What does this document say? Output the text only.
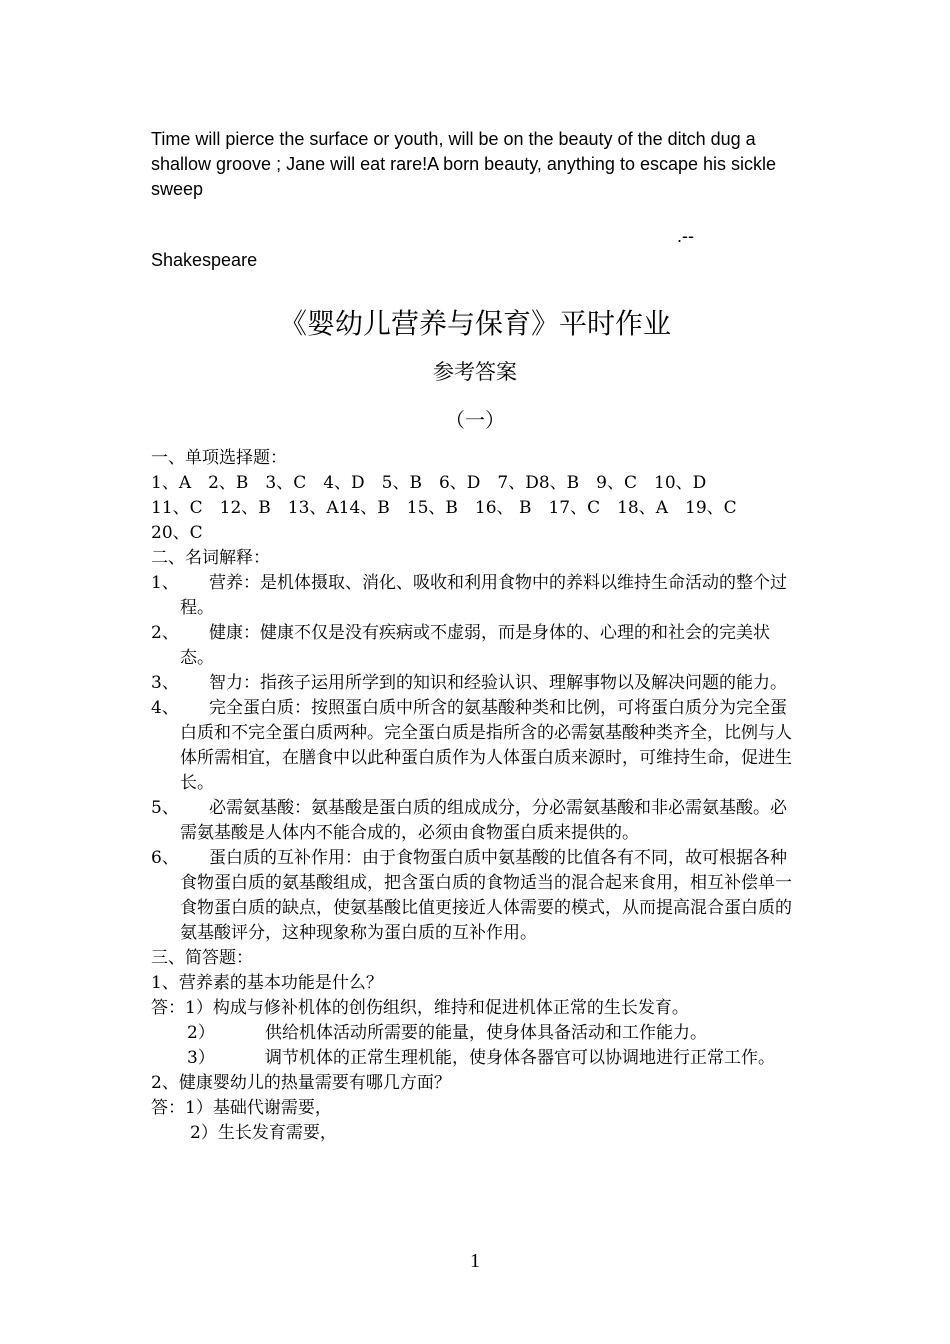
Time will pierce the surface or youth, will be on the beauty of the ditch dug a shallow groove ; Jane will eat rare!A born beauty, anything to escape his sickle sweep
.--
Shakespeare
《婴幼儿营养与保育》平时作业
参考答案
（一）
一、单项选择题：
1、A　2、B　3、C　4、D　5、B　6、D　7、D8、B　9、C　10、D
11、C　12、B　13、A14、B　15、B　16、 B　17、C　18、A　19、C
20、C
二、名词解释：
1、	营养：是机体摄取、消化、吸收和利用食物中的养料以维持生命活动的整个过程。
2、	健康：健康不仅是没有疾病或不虚弱，而是身体的、心理的和社会的完美状态。
3、	智力：指孩子运用所学到的知识和经验认识、理解事物以及解决问题的能力。
4、	完全蛋白质：按照蛋白质中所含的氨基酸种类和比例，可将蛋白质分为完全蛋白质和不完全蛋白质两种。完全蛋白质是指所含的必需氨基酸种类齐全，比例与人体所需相宜，在膳食中以此种蛋白质作为人体蛋白质来源时，可维持生命，促进生长。
5、	必需氨基酸：氨基酸是蛋白质的组成成分，分必需氨基酸和非必需氨基酸。必需氨基酸是人体内不能合成的，必须由食物蛋白质来提供的。
6、	蛋白质的互补作用：由于食物蛋白质中氨基酸的比值各有不同，故可根据各种食物蛋白质的氨基酸组成，把含蛋白质的食物适当的混合起来食用，相互补偿单一食物蛋白质的缺点，使氨基酸比值更接近人体需要的模式，从而提高混合蛋白质的氨基酸评分，这种现象称为蛋白质的互补作用。
三、简答题：
1、营养素的基本功能是什么？
答：1）构成与修补机体的创伤组织，维持和促进机体正常的生长发育。
2）	供给机体活动所需要的能量，使身体具备活动和工作能力。
3）	调节机体的正常生理机能，使身体各器官可以协调地进行正常工作。
2、健康婴幼儿的热量需要有哪几方面？
答：1）基础代谢需要，
2）生长发育需要，
1
